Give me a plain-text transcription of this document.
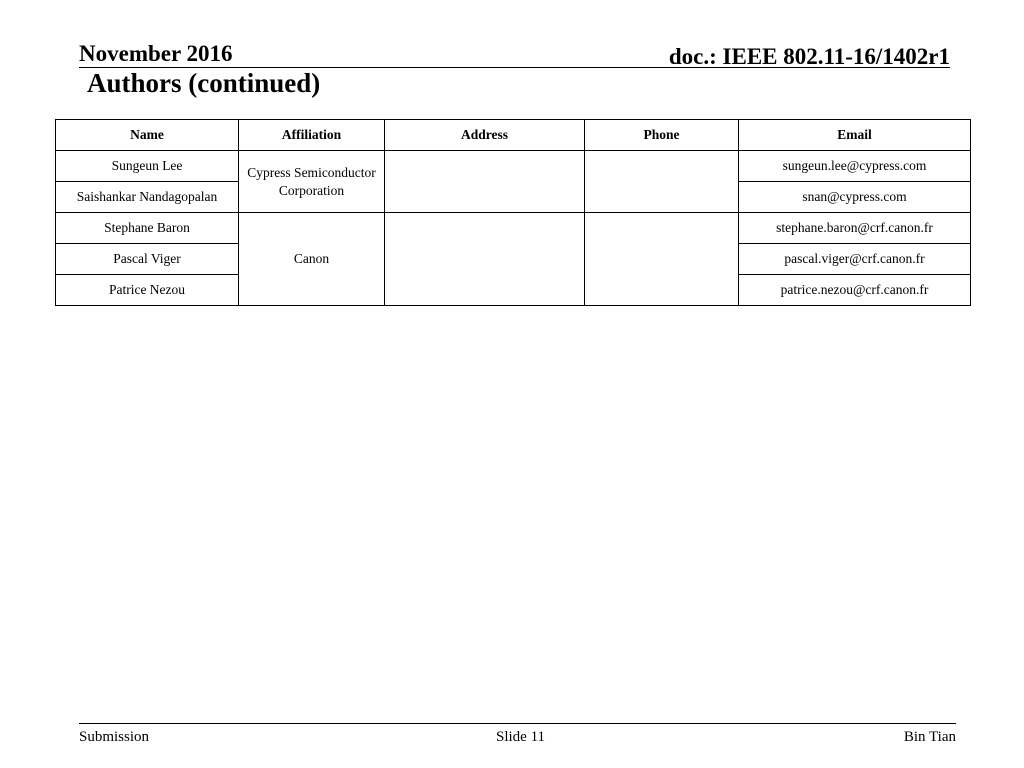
November 2016	doc.: IEEE 802.11-16/1402r1
Authors (continued)
Name	Affiliation	Address	Phone	Email
Sungeun Lee	Cypress Semiconductor Corporation			sungeun.lee@cypress.com
Saishankar Nandagopalan				snan@cypress.com
Stephane Baron	Canon			stephane.baron@crf.canon.fr
Pascal Viger				pascal.viger@crf.canon.fr
Patrice Nezou				patrice.nezou@crf.canon.fr
Submission	Slide 11	Bin Tian
